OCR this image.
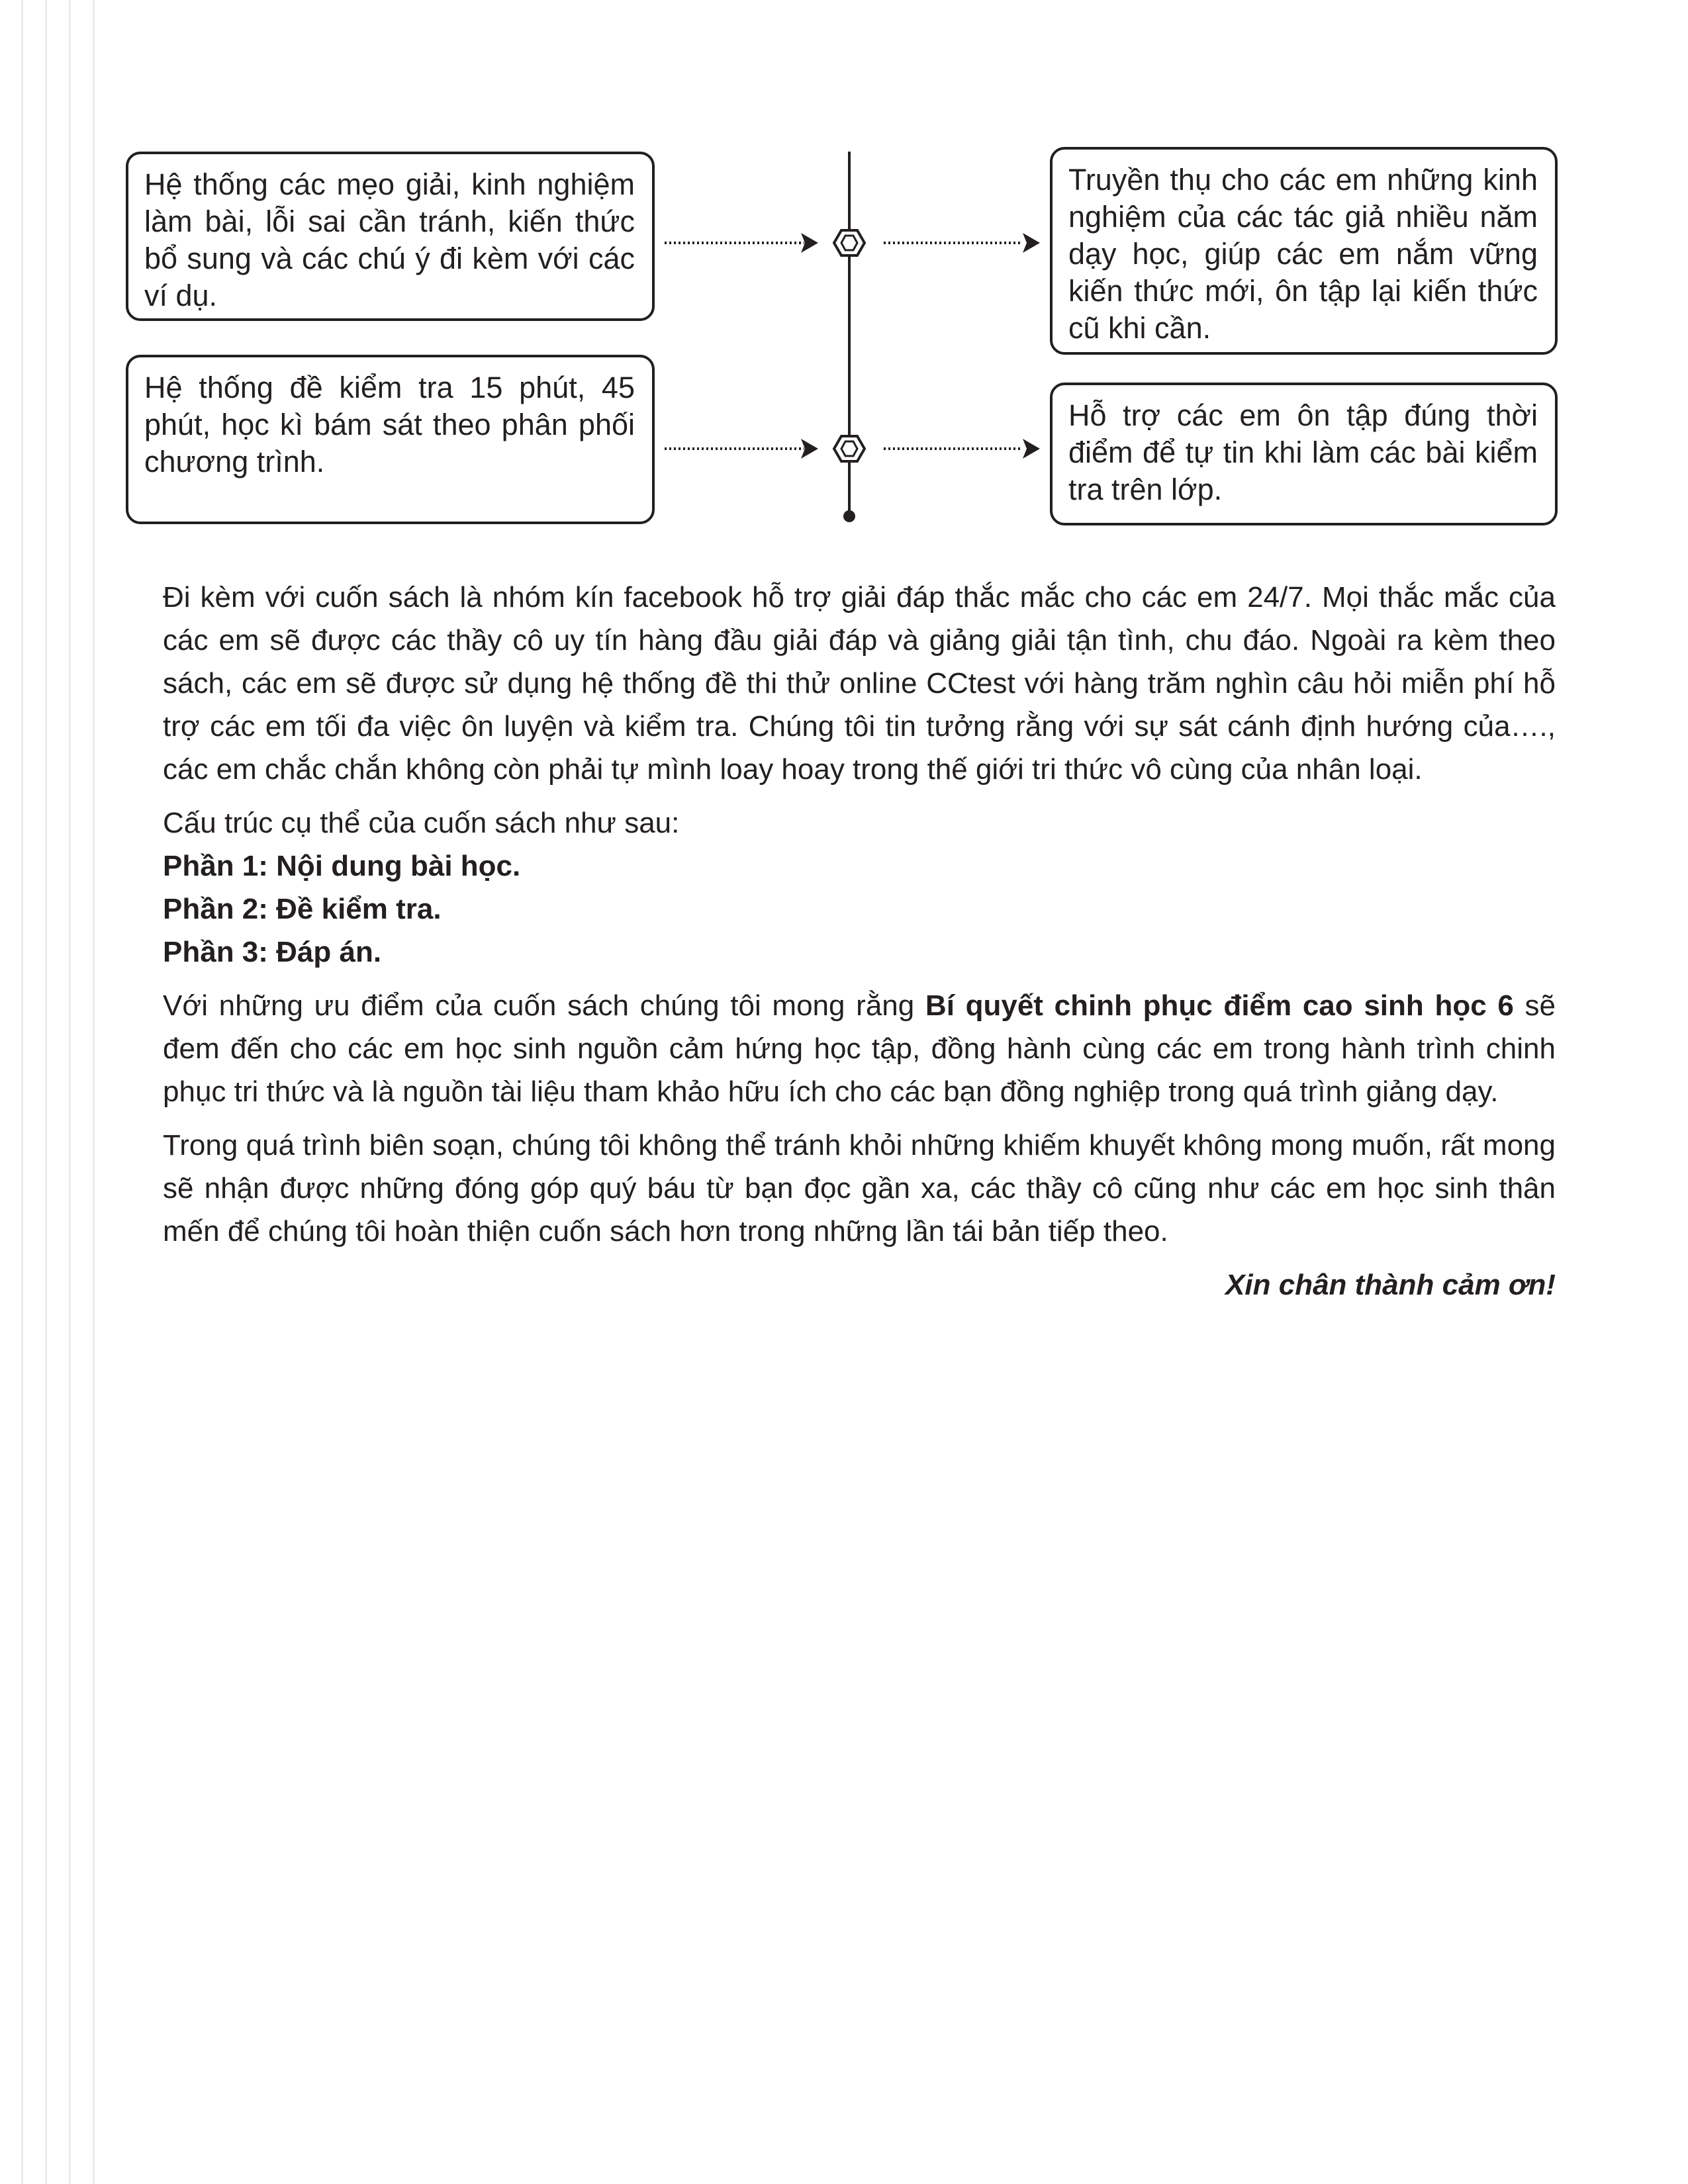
Hệ thống các mẹo giải, kinh nghiệm làm bài, lỗi sai cần tránh, kiến thức bổ sung và các chú ý đi kèm với các ví dụ.
Hệ thống đề kiểm tra 15 phút, 45 phút, học kì bám sát theo phân phối chương trình.
Truyền thụ cho các em những kinh nghiệm của các tác giả nhiều năm dạy học, giúp các em nắm vững kiến thức mới, ôn tập lại kiến thức cũ khi cần.
Hỗ trợ các em ôn tập đúng thời điểm để tự tin khi làm các bài kiểm tra trên lớp.

Đi kèm với cuốn sách là nhóm kín facebook hỗ trợ giải đáp thắc mắc cho các em 24/7. Mọi thắc mắc của các em sẽ được các thầy cô uy tín hàng đầu giải đáp và giảng giải tận tình, chu đáo. Ngoài ra kèm theo sách, các em sẽ được sử dụng hệ thống đề thi thử online CCtest với hàng trăm nghìn câu hỏi miễn phí hỗ trợ các em tối đa việc ôn luyện và kiểm tra. Chúng tôi tin tưởng rằng với sự sát cánh định hướng của…., các em chắc chắn không còn phải tự mình loay hoay trong thế giới tri thức vô cùng của nhân loại.

Cấu trúc cụ thể của cuốn sách như sau:

Phần 1: Nội dung bài học.

Phần 2: Đề kiểm tra.

Phần 3: Đáp án.

Với những ưu điểm của cuốn sách chúng tôi mong rằng Bí quyết chinh phục điểm cao sinh học 6 sẽ đem đến cho các em học sinh nguồn cảm hứng học tập, đồng hành cùng các em trong hành trình chinh phục tri thức và là nguồn tài liệu tham khảo hữu ích cho các bạn đồng nghiệp trong quá trình giảng dạy.

Trong quá trình biên soạn, chúng tôi không thể tránh khỏi những khiếm khuyết không mong muốn, rất mong sẽ nhận được những đóng góp quý báu từ bạn đọc gần xa, các thầy cô cũng như các em học sinh thân mến để chúng tôi hoàn thiện cuốn sách hơn trong những lần tái bản tiếp theo.

Xin chân thành cảm ơn!
